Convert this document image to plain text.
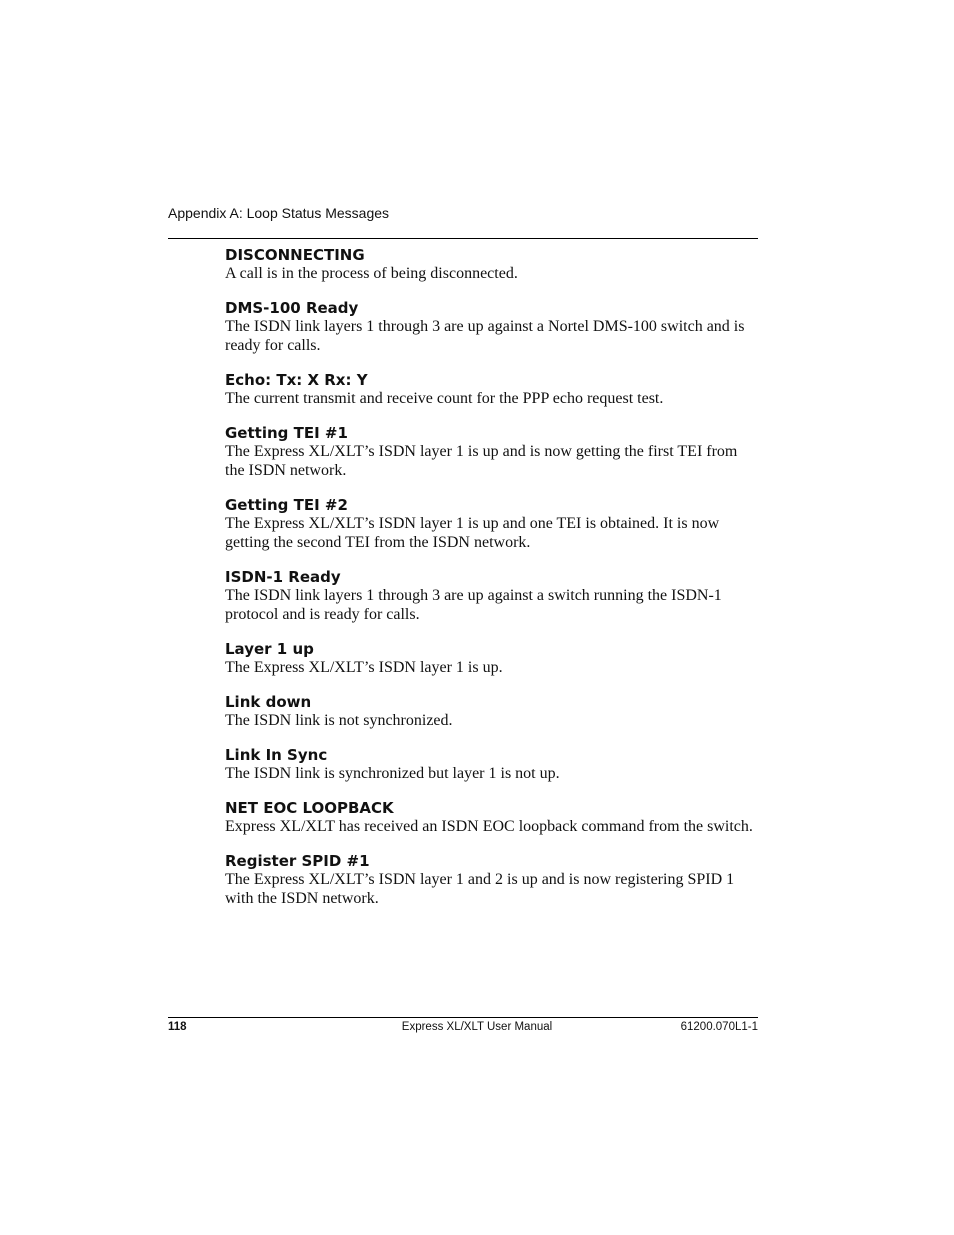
Appendix A: Loop Status Messages
DISCONNECTING

A call is in the process of being disconnected.

DMS-100 Ready

The ISDN link layers 1 through 3 are up against a Nortel DMS-100 switch and is ready for calls.

Echo: Tx: X Rx: Y

The current transmit and receive count for the PPP echo request test.

Getting TEI #1

The Express XL/XLT’s ISDN layer 1 is up and is now getting the first TEI from the ISDN network.

Getting TEI #2

The Express XL/XLT’s ISDN layer 1 is up and one TEI is obtained. It is now getting the second TEI from the ISDN network.

ISDN-1 Ready

The ISDN link layers 1 through 3 are up against a switch running the ISDN-1 protocol and is ready for calls.

Layer 1 up

The Express XL/XLT’s ISDN layer 1 is up.

Link down

The ISDN link is not synchronized.

Link In Sync

The ISDN link is synchronized but layer 1 is not up.

NET EOC LOOPBACK

Express XL/XLT has received an ISDN EOC loopback command from the switch.

Register SPID #1

The Express XL/XLT’s ISDN layer 1 and 2 is up and is now registering SPID 1 with the ISDN network.

118	Express XL/XLT User Manual	61200.070L1-1
